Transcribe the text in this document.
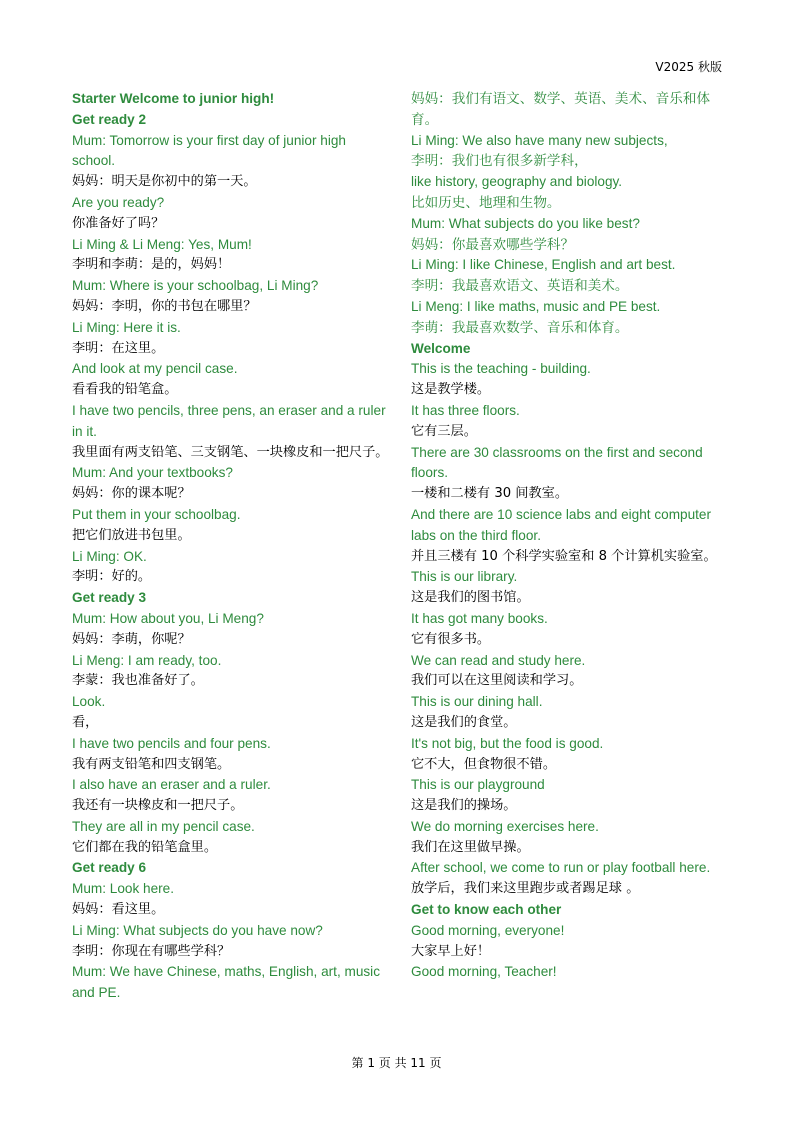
V2025 秋版

Starter Welcome to junior high!

Get ready 2

Mum: Tomorrow is your first day of junior high school.

妈妈：明天是你初中的第一天。

Are you ready?

你准备好了吗？

Li Ming & Li Meng: Yes, Mum!

李明和李萌：是的，妈妈！

Mum: Where is your schoolbag, Li Ming?

妈妈：李明，你的书包在哪里？

Li Ming: Here it is.

李明：在这里。

And look at my pencil case.

看看我的铅笔盒。

I have two pencils, three pens, an eraser and a ruler in it.

我里面有两支铅笔、三支钢笔、一块橡皮和一把尺子。

Mum: And your textbooks?

妈妈：你的课本呢？

Put them in your schoolbag.

把它们放进书包里。

Li Ming: OK.

李明：好的。

Get ready 3

Mum: How about you, Li Meng?

妈妈：李萌，你呢？

Li Meng: I am ready, too.

李蒙：我也准备好了。

Look.

看，

I have two pencils and four pens.

我有两支铅笔和四支钢笔。

I also have an eraser and a ruler.

我还有一块橡皮和一把尺子。

They are all in my pencil case.

它们都在我的铅笔盒里。

Get ready 6

Mum: Look here.

妈妈：看这里。

Li Ming: What subjects do you have now?

李明：你现在有哪些学科？

Mum: We have Chinese, maths, English, art, music and PE.

妈妈：我们有语文、数学、英语、美术、音乐和体育。

Li Ming: We also have many new subjects,

李明：我们也有很多新学科，

like history, geography and biology.

比如历史、地理和生物。

Mum: What subjects do you like best?

妈妈：你最喜欢哪些学科？

Li Ming: I like Chinese, English and art best.

李明：我最喜欢语文、英语和美术。

Li Meng: I like maths, music and PE best.

李萌：我最喜欢数学、音乐和体育。

Welcome

This is the teaching - building.

这是教学楼。

It has three floors.

它有三层。

There are 30 classrooms on the first and second floors.

一楼和二楼有 30 间教室。

And there are 10 science labs and eight computer labs on the third floor.

并且三楼有 10 个科学实验室和 8 个计算机实验室。

This is our library.

这是我们的图书馆。

It has got many books.

它有很多书。

We can read and study here.

我们可以在这里阅读和学习。

This is our dining hall.

这是我们的食堂。

It's not big, but the food is good.

它不大，但食物很不错。

This is our playground

这是我们的操场。

We do morning exercises here.

我们在这里做早操。

After school, we come to run or play football here.

放学后，我们来这里跑步或者踢足球 。

Get to know each other

Good morning, everyone!

大家早上好！

Good morning, Teacher!

第 1 页 共 11 页
